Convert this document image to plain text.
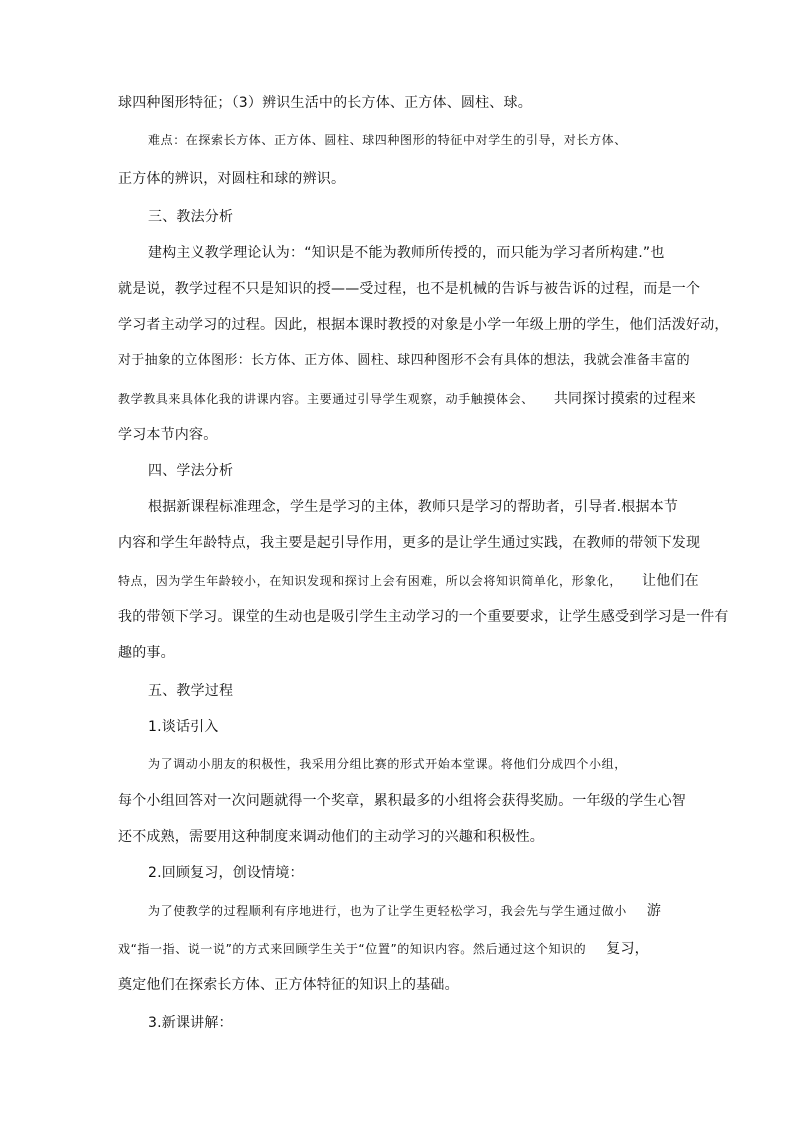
球四种图形特征；（3）辨识生活中的长方体、正方体、圆柱、球。
难点：在探索长方体、正方体、圆柱、球四种图形的特征中对学生的引导，对长方体、
正方体的辨识，对圆柱和球的辨识。
三、教法分析
建构主义教学理论认为：“知识是不能为教师所传授的，而只能为学习者所构建.”也
就是说，教学过程不只是知识的授——受过程，也不是机械的告诉与被告诉的过程，而是一个
学习者主动学习的过程。因此，根据本课时教授的对象是小学一年级上册的学生，他们活泼好动，
对于抽象的立体图形：长方体、正方体、圆柱、球四种图形不会有具体的想法，我就会准备丰富的
教学教具来具体化我的讲课内容。主要通过引导学生观察，动手触摸体会、 共同探讨摸索的过程来
学习本节内容。
四、学法分析
根据新课程标准理念，学生是学习的主体，教师只是学习的帮助者，引导者.根据本节
内容和学生年龄特点，我主要是起引导作用，更多的是让学生通过实践，在教师的带领下发现
特点，因为学生年龄较小，在知识发现和探讨上会有困难，所以会将知识简单化，形象化， 让他们在
我的带领下学习。课堂的生动也是吸引学生主动学习的一个重要要求，让学生感受到学习是一件有
趣的事。
五、教学过程
1.谈话引入
为了调动小朋友的积极性，我采用分组比赛的形式开始本堂课。将他们分成四个小组，
每个小组回答对一次问题就得一个奖章，累积最多的小组将会获得奖励。一年级的学生心智
还不成熟，需要用这种制度来调动他们的主动学习的兴趣和积极性。
2.回顾复习，创设情境：
为了使教学的过程顺利有序地进行，也为了让学生更轻松学习，我会先与学生通过做小 游
戏“指一指、说一说”的方式来回顾学生关于“位置”的知识内容。然后通过这个知识的 复习，
奠定他们在探索长方体、正方体特征的知识上的基础。
3.新课讲解：
